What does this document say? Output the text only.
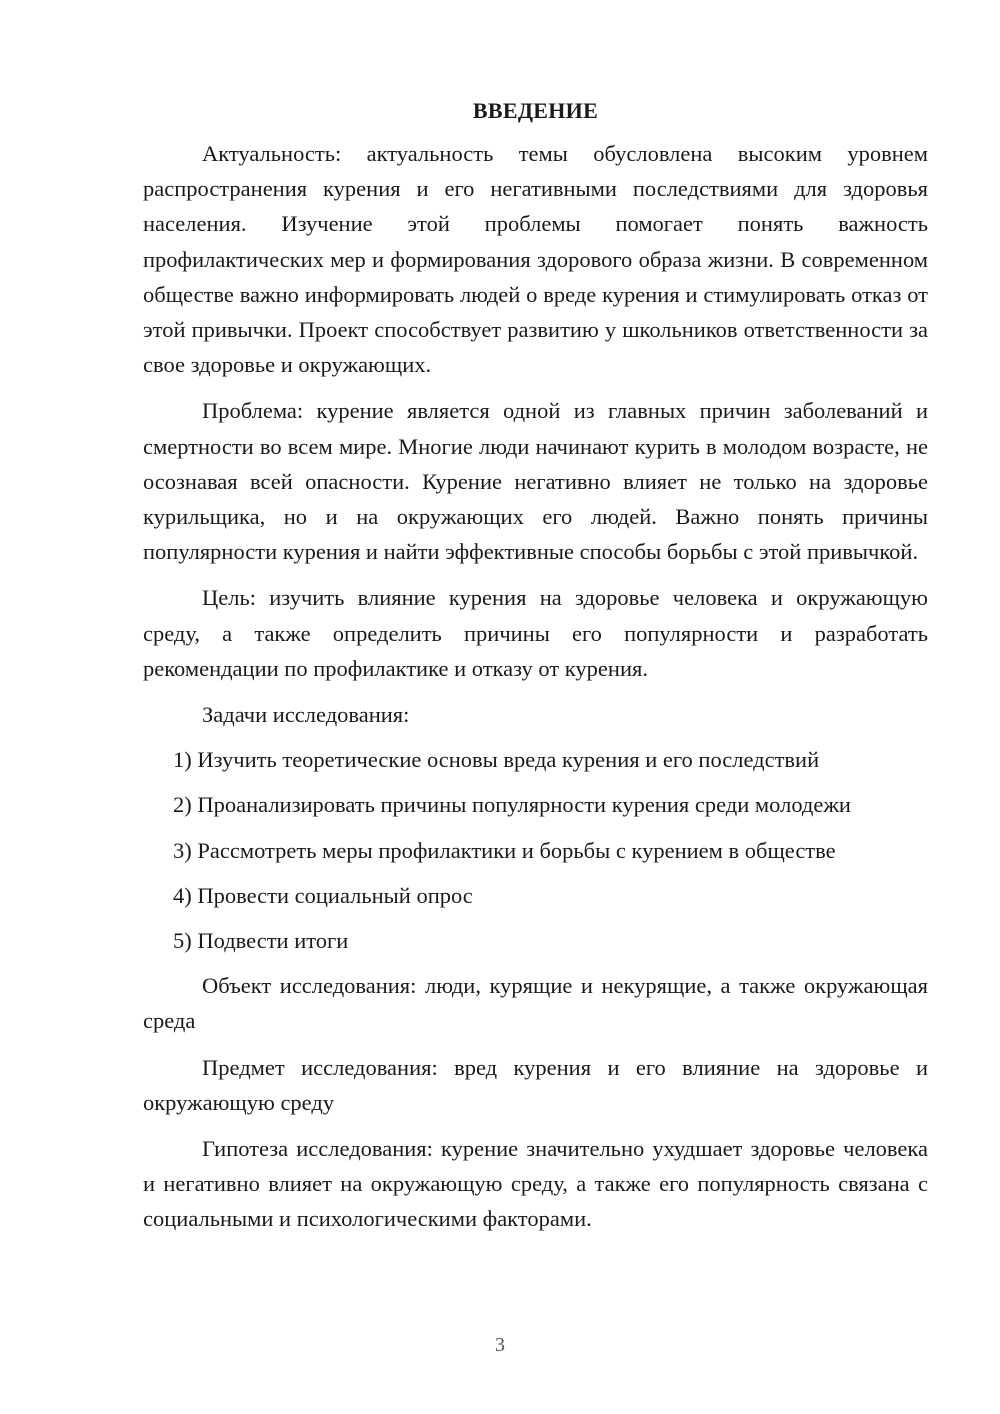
ВВЕДЕНИЕ

Актуальность: актуальность темы обусловлена высоким уровнем распространения курения и его негативными последствиями для здоровья населения. Изучение этой проблемы помогает понять важность профилактических мер и формирования здорового образа жизни. В современном обществе важно информировать людей о вреде курения и стимулировать отказ от этой привычки. Проект способствует развитию у школьников ответственности за свое здоровье и окружающих.

Проблема: курение является одной из главных причин заболеваний и смертности во всем мире. Многие люди начинают курить в молодом возрасте, не осознавая всей опасности. Курение негативно влияет не только на здоровье курильщика, но и на окружающих его людей. Важно понять причины популярности курения и найти эффективные способы борьбы с этой привычкой.

Цель: изучить влияние курения на здоровье человека и окружающую среду, а также определить причины его популярности и разработать рекомендации по профилактике и отказу от курения.

Задачи исследования:

1) Изучить теоретические основы вреда курения и его последствий
2) Проанализировать причины популярности курения среди молодежи
3) Рассмотреть меры профилактики и борьбы с курением в обществе
4) Провести социальный опрос
5) Подвести итоги

Объект исследования: люди, курящие и некурящие, а также окружающая среда

Предмет исследования: вред курения и его влияние на здоровье и окружающую среду

Гипотеза исследования: курение значительно ухудшает здоровье человека и негативно влияет на окружающую среду, а также его популярность связана с социальными и психологическими факторами.

3
